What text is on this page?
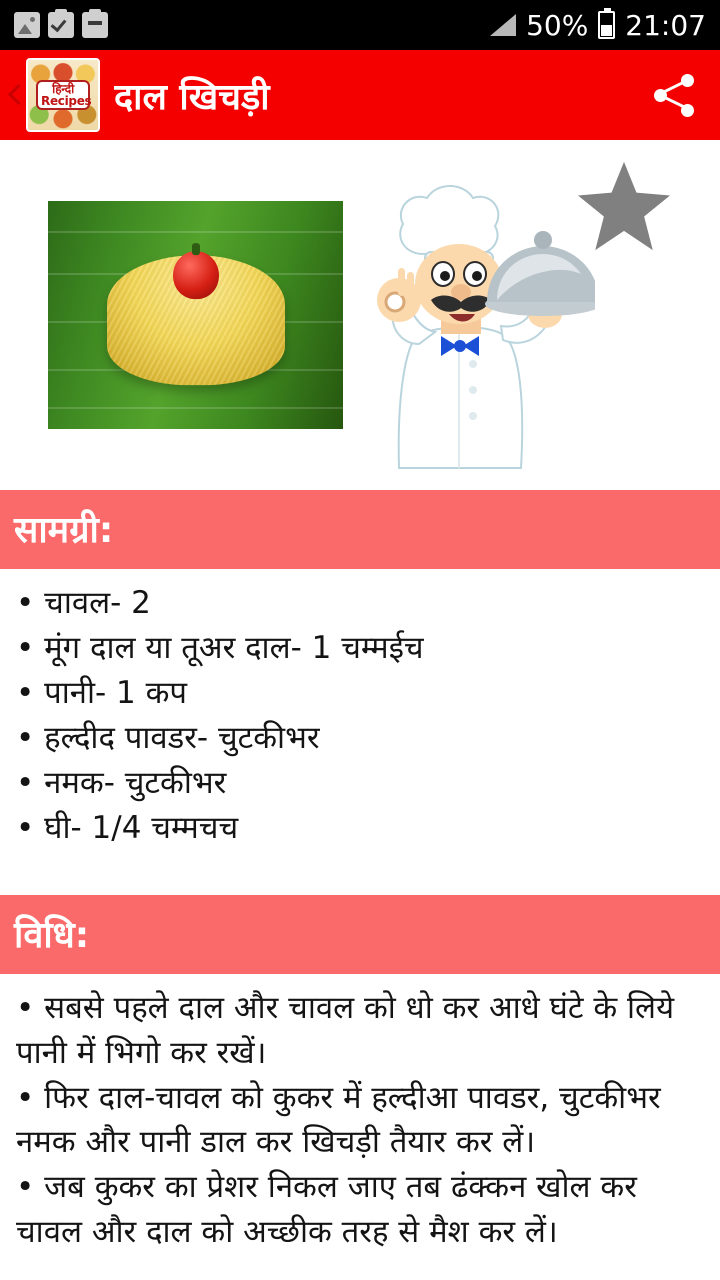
50% 21:07
हिन्दी
Recipes दाल खिचड़ी
सामग्री:
• चावल- 2
• मूंग दाल या तूअर दाल- 1 चम्मईच
• पानी- 1 कप
• हल्दीद पावडर- चुटकीभर
• नमक- चुटकीभर
• घी- 1/4 चम्मचच
विधि:
• सबसे पहले दाल और चावल को धो कर आधे घंटे के लिये पानी में भिगो कर रखें।
• फिर दाल-चावल को कुकर में हल्दीआ पावडर, चुटकीभर नमक और पानी डाल कर खिचड़ी तैयार कर लें।
• जब कुकर का प्रेशर निकल जाए तब ढंक्कन खोल कर चावल और दाल को अच्छीक तरह से मैश कर लें।
